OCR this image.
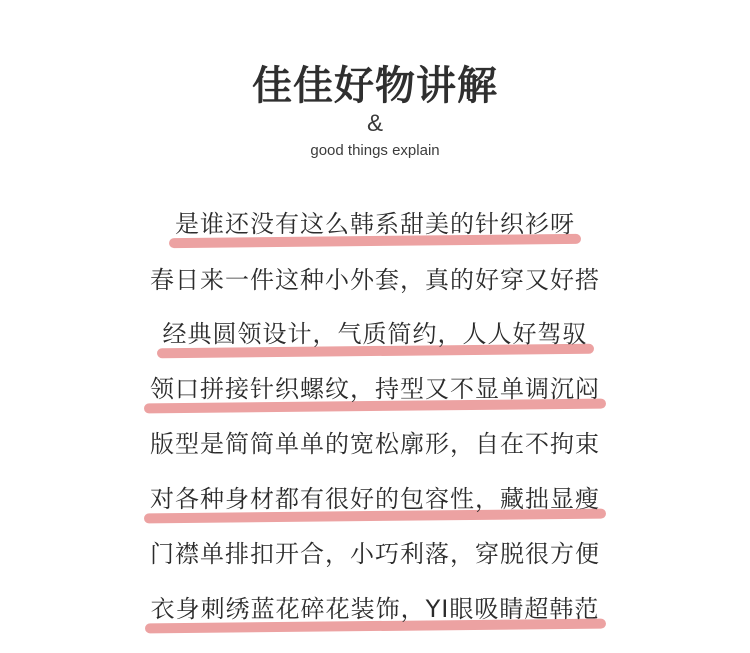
佳佳好物讲解
&
good things explain
是谁还没有这么韩系甜美的针织衫呀
春日来一件这种小外套，真的好穿又好搭
经典圆领设计，气质简约，人人好驾驭
领口拼接针织螺纹，持型又不显单调沉闷
版型是简简单单的宽松廓形，自在不拘束
对各种身材都有很好的包容性，藏拙显瘦
门襟单排扣开合，小巧利落，穿脱很方便
衣身刺绣蓝花碎花装饰，YI眼吸睛超韩范
